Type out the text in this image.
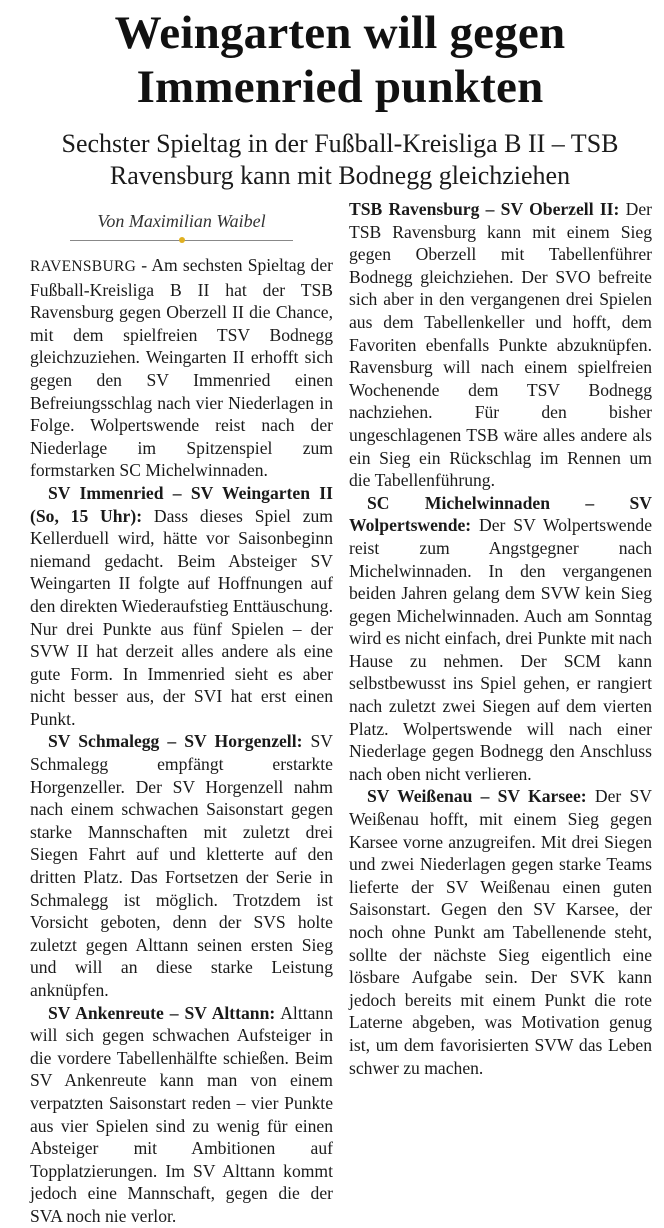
Weingarten will gegen Immenried punkten
Sechster Spieltag in der Fußball-Kreisliga B II – TSB Ravensburg kann mit Bodnegg gleichziehen
Von Maximilian Waibel

RAVENSBURG - Am sechsten Spieltag der Fußball-Kreisliga B II hat der TSB Ravensburg gegen Oberzell II die Chance, mit dem spielfreien TSV Bodnegg gleichzuziehen. Weingarten II erhofft sich gegen den SV Immenried einen Befreiungsschlag nach vier Niederlagen in Folge. Wolpertswende reist nach der Niederlage im Spitzenspiel zum formstarken SC Michelwinnaden.

SV Immenried – SV Weingarten II (So, 15 Uhr): Dass dieses Spiel zum Kellerduell wird, hätte vor Saisonbeginn niemand gedacht. Beim Absteiger SV Weingarten II folgte auf Hoffnungen auf den direkten Wiederaufstieg Enttäuschung. Nur drei Punkte aus fünf Spielen – der SVW II hat derzeit alles andere als eine gute Form. In Immenried sieht es aber nicht besser aus, der SVI hat erst einen Punkt.

SV Schmalegg – SV Horgenzell: SV Schmalegg empfängt erstarkte Horgenzeller. Der SV Horgenzell nahm nach einem schwachen Saisonstart gegen starke Mannschaften mit zuletzt drei Siegen Fahrt auf und kletterte auf den dritten Platz. Das Fortsetzen der Serie in Schmalegg ist möglich. Trotzdem ist Vorsicht geboten, denn der SVS holte zuletzt gegen Alttann seinen ersten Sieg und will an diese starke Leistung anknüpfen.

SV Ankenreute – SV Alttann: Alttann will sich gegen schwachen Aufsteiger in die vordere Tabellenhälfte schießen. Beim SV Ankenreute kann man von einem verpatzten Saisonstart reden – vier Punkte aus vier Spielen sind zu wenig für einen Absteiger mit Ambitionen auf Topplatzierungen. Im SV Alttann kommt jedoch eine Mannschaft, gegen die der SVA noch nie verlor.

TSB Ravensburg – SV Oberzell II: Der TSB Ravensburg kann mit einem Sieg gegen Oberzell mit Tabellenführer Bodnegg gleichziehen. Der SVO befreite sich aber in den vergangenen drei Spielen aus dem Tabellenkeller und hofft, dem Favoriten ebenfalls Punkte abzuknüpfen. Ravensburg will nach einem spielfreien Wochenende dem TSV Bodnegg nachziehen. Für den bisher ungeschlagenen TSB wäre alles andere als ein Sieg ein Rückschlag im Rennen um die Tabellenführung.

SC Michelwinnaden – SV Wolpertswende: Der SV Wolpertswende reist zum Angstgegner nach Michelwinnaden. In den vergangenen beiden Jahren gelang dem SVW kein Sieg gegen Michelwinnaden. Auch am Sonntag wird es nicht einfach, drei Punkte mit nach Hause zu nehmen. Der SCM kann selbstbewusst ins Spiel gehen, er rangiert nach zuletzt zwei Siegen auf dem vierten Platz. Wolpertswende will nach einer Niederlage gegen Bodnegg den Anschluss nach oben nicht verlieren.

SV Weißenau – SV Karsee: Der SV Weißenau hofft, mit einem Sieg gegen Karsee vorne anzugreifen. Mit drei Siegen und zwei Niederlagen gegen starke Teams lieferte der SV Weißenau einen guten Saisonstart. Gegen den SV Karsee, der noch ohne Punkt am Tabellenende steht, sollte der nächste Sieg eigentlich eine lösbare Aufgabe sein. Der SVK kann jedoch bereits mit einem Punkt die rote Laterne abgeben, was Motivation genug ist, um dem favorisierten SVW das Leben schwer zu machen.
